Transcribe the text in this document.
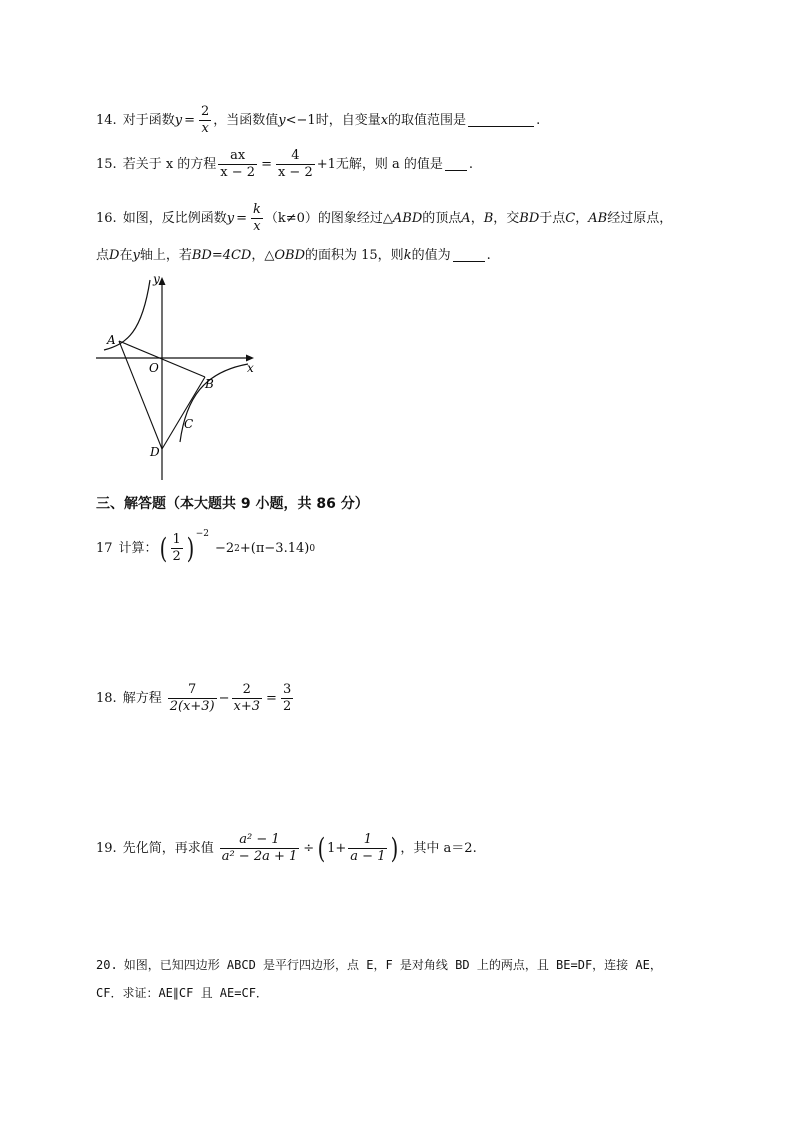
14. 对于函数 $y = \frac{2}{x}$ ，当函数值 y <−1 时，自变量 x 的取值范围是	.
15. 若关于 x 的方程 $\frac{ax}{x - 2} = \frac{4}{x - 2} +1$ 无解，则 a 的值是 .
16. 如图，反比例函数 $y = \frac{k}{x} (k\ne 0)$ 的图象经过△ ABD 的顶点 A ， B ，交 BD 于点 C ， AB 经过原点，
点 D 在 y 轴上，若 BD=4CD ，△ OBD 的面积为 15，则 k 的值为	.
y
x
O
A
B
C
D
三、解答题（本大题共 9 小题，共 86 分）
17 计算： ( $\frac{1}{2}$ ) −2
−2 2 +(π−3.14) 0
18. 解方程 $\frac{7}{2(x+3)} - \frac{2}{x+3} = \frac{3}{2}$
19. 先化简，再求值 $\frac{\text{a² − 1}}{\text{a² − 2a + 1}}$ ÷ ( $1+ \frac{1}{a - 1}$ ) ，其中 a＝2.
20. 如图，已知四边形 ABCD 是平行四边形，点 E，F 是对角线 BD 上的两点，且 BE=DF，连接 AE，
CF．求证：AE∥CF 且 AE=CF．
